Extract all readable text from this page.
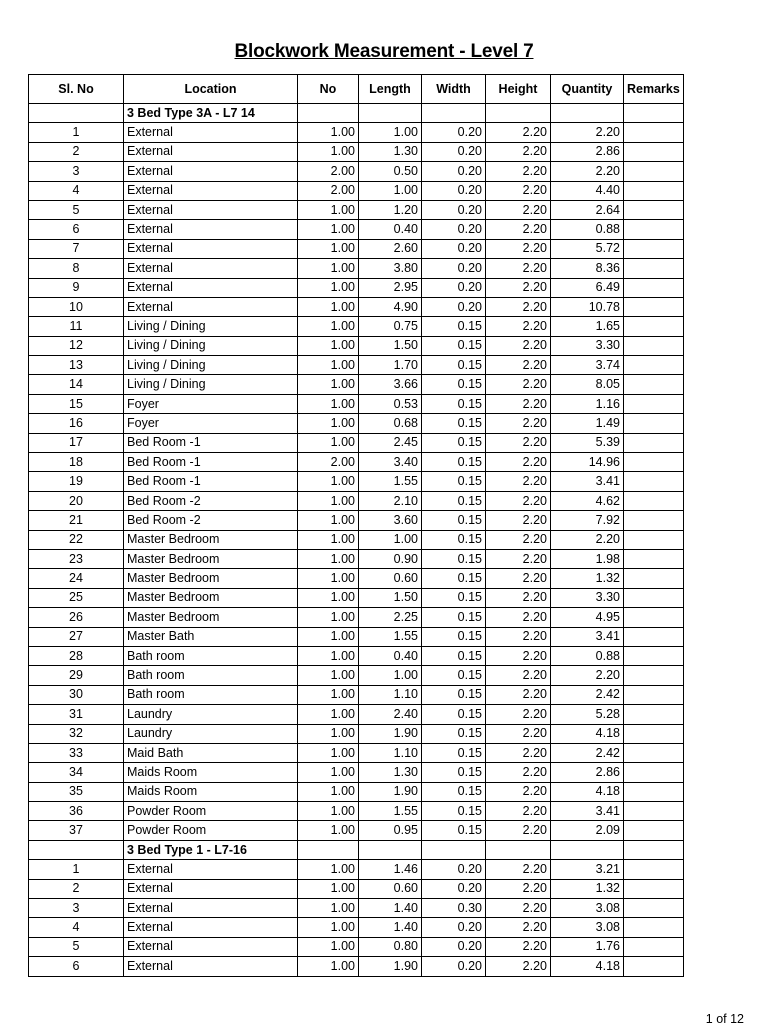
Blockwork Measurement - Level 7
Sl. No	Location	No	Length	Width	Height	Quantity	Remarks
	3 Bed Type 3A - L7 14						
1	External	1.00	1.00	0.20	2.20	2.20	
2	External	1.00	1.30	0.20	2.20	2.86	
3	External	2.00	0.50	0.20	2.20	2.20	
4	External	2.00	1.00	0.20	2.20	4.40	
5	External	1.00	1.20	0.20	2.20	2.64	
6	External	1.00	0.40	0.20	2.20	0.88	
7	External	1.00	2.60	0.20	2.20	5.72	
8	External	1.00	3.80	0.20	2.20	8.36	
9	External	1.00	2.95	0.20	2.20	6.49	
10	External	1.00	4.90	0.20	2.20	10.78	
11	Living / Dining	1.00	0.75	0.15	2.20	1.65	
12	Living / Dining	1.00	1.50	0.15	2.20	3.30	
13	Living / Dining	1.00	1.70	0.15	2.20	3.74	
14	Living / Dining	1.00	3.66	0.15	2.20	8.05	
15	Foyer	1.00	0.53	0.15	2.20	1.16	
16	Foyer	1.00	0.68	0.15	2.20	1.49	
17	Bed Room -1	1.00	2.45	0.15	2.20	5.39	
18	Bed Room -1	2.00	3.40	0.15	2.20	14.96	
19	Bed Room -1	1.00	1.55	0.15	2.20	3.41	
20	Bed Room -2	1.00	2.10	0.15	2.20	4.62	
21	Bed Room -2	1.00	3.60	0.15	2.20	7.92	
22	Master Bedroom	1.00	1.00	0.15	2.20	2.20	
23	Master Bedroom	1.00	0.90	0.15	2.20	1.98	
24	Master Bedroom	1.00	0.60	0.15	2.20	1.32	
25	Master Bedroom	1.00	1.50	0.15	2.20	3.30	
26	Master Bedroom	1.00	2.25	0.15	2.20	4.95	
27	Master Bath	1.00	1.55	0.15	2.20	3.41	
28	Bath room	1.00	0.40	0.15	2.20	0.88	
29	Bath room	1.00	1.00	0.15	2.20	2.20	
30	Bath room	1.00	1.10	0.15	2.20	2.42	
31	Laundry	1.00	2.40	0.15	2.20	5.28	
32	Laundry	1.00	1.90	0.15	2.20	4.18	
33	Maid Bath	1.00	1.10	0.15	2.20	2.42	
34	Maids Room	1.00	1.30	0.15	2.20	2.86	
35	Maids Room	1.00	1.90	0.15	2.20	4.18	
36	Powder Room	1.00	1.55	0.15	2.20	3.41	
37	Powder Room	1.00	0.95	0.15	2.20	2.09	
	3 Bed Type 1 - L7-16						
1	External	1.00	1.46	0.20	2.20	3.21	
2	External	1.00	0.60	0.20	2.20	1.32	
3	External	1.00	1.40	0.30	2.20	3.08	
4	External	1.00	1.40	0.20	2.20	3.08	
5	External	1.00	0.80	0.20	2.20	1.76	
6	External	1.00	1.90	0.20	2.20	4.18	
1 of 12
